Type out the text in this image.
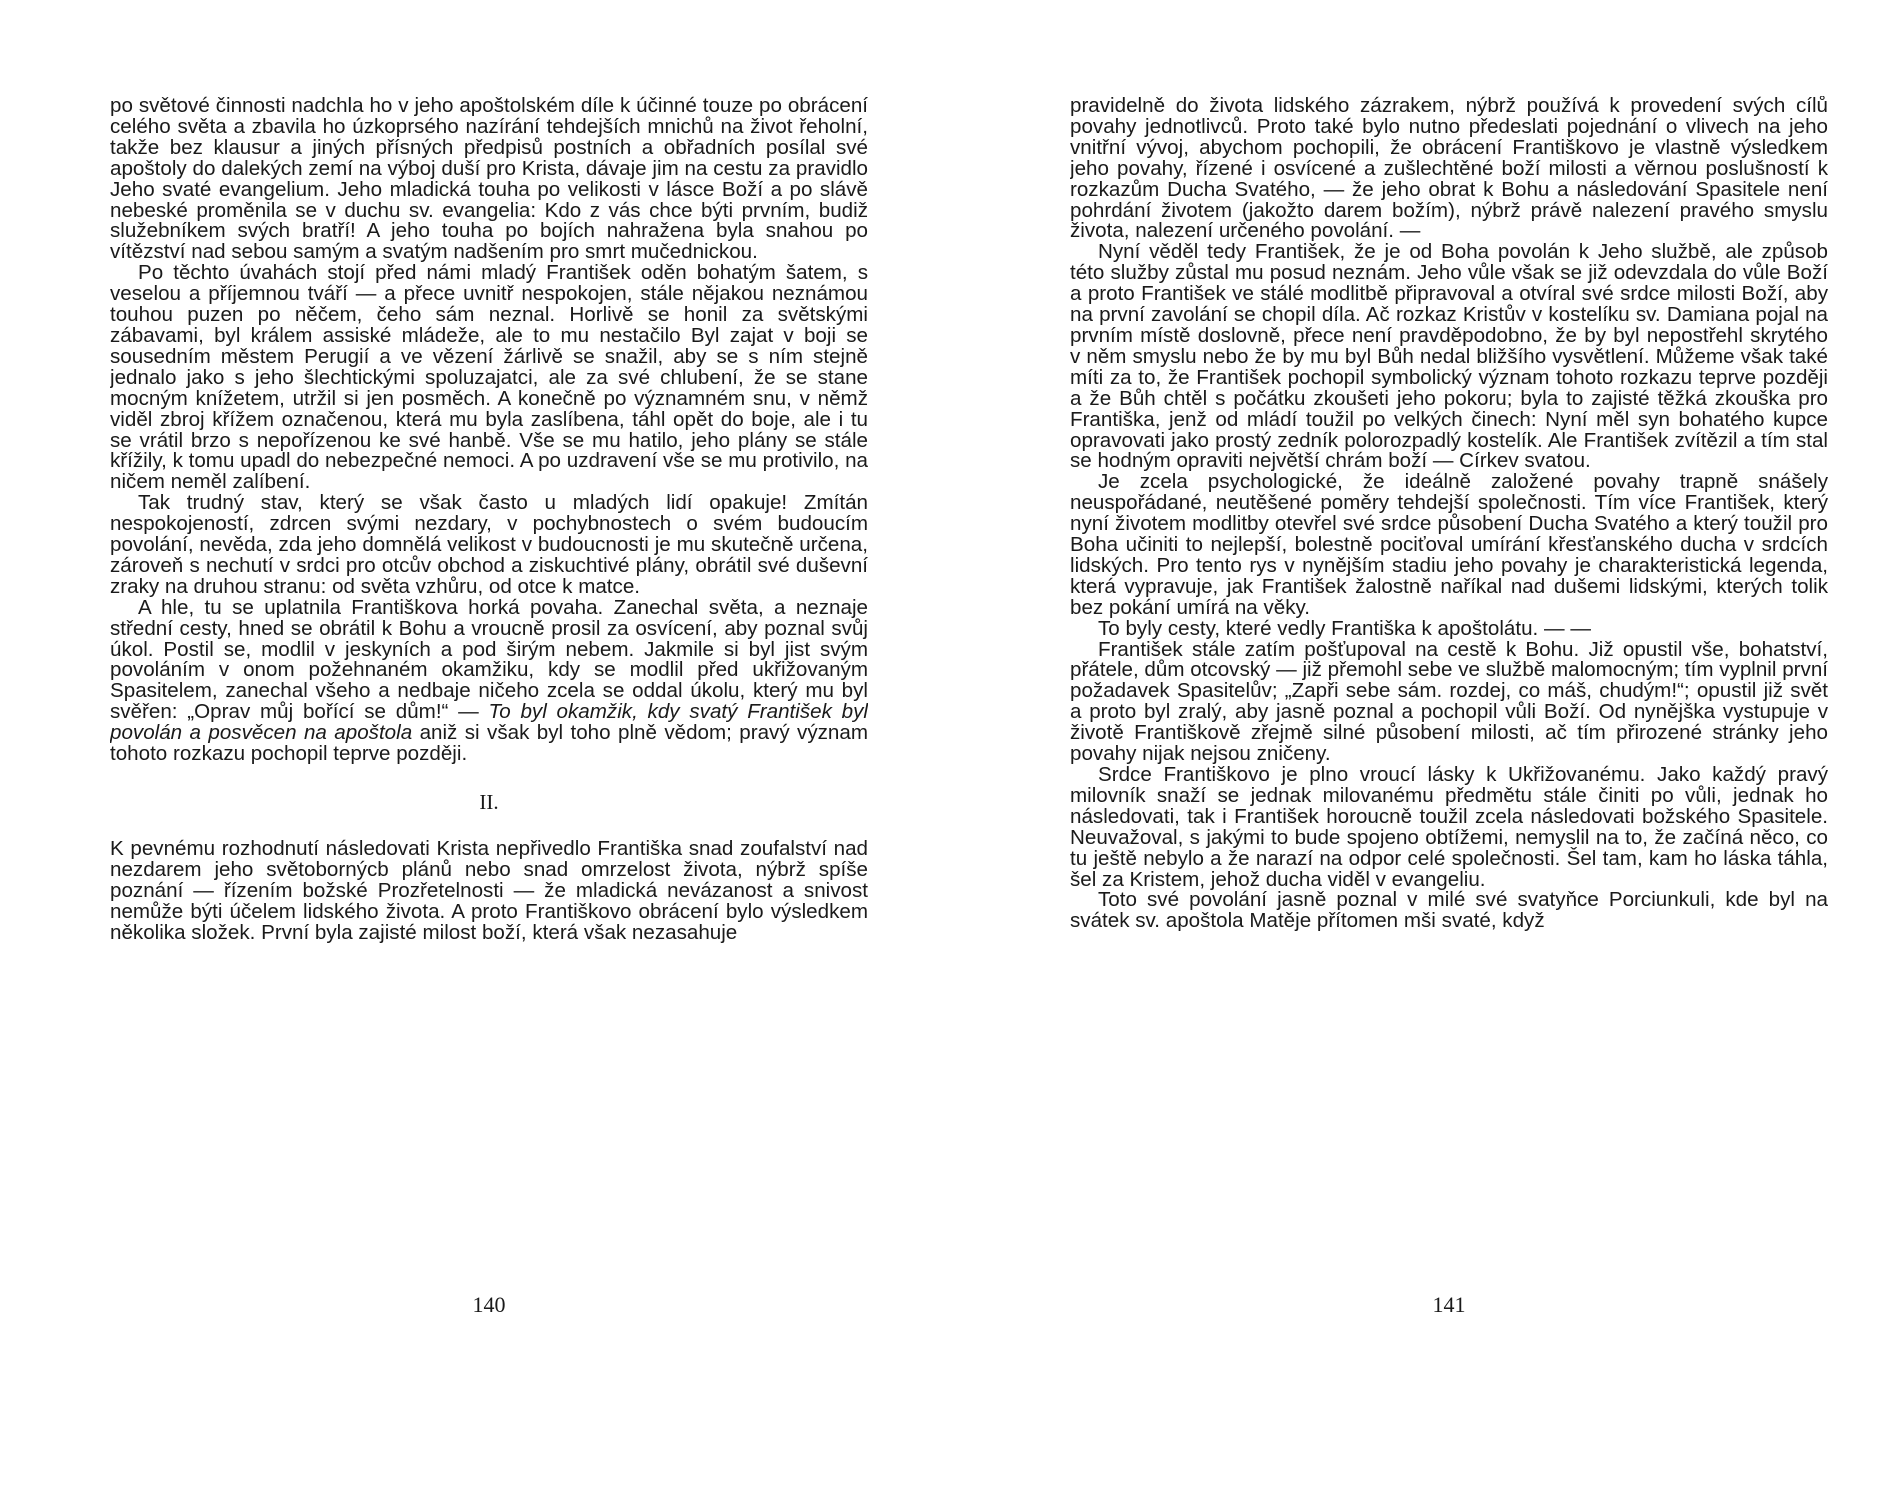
po světové činnosti nadchla ho v jeho apoštolském díle k účinné touze po obrácení celého světa a zbavila ho úzkoprsého nazírání tehdejších mnichů na život řeholní, takže bez klausur a jiných přísných předpisů postních a obřadních posílal své apoštoly do dalekých zemí na výboj duší pro Krista, dávaje jim na cestu za pravidlo Jeho svaté evangelium. Jeho mladická touha po velikosti v lásce Boží a po slávě nebeské proměnila se v duchu sv. evangelia: Kdo z vás chce býti prvním, budiž služebníkem svých bratří! A jeho touha po bojích nahražena byla snahou po vítězství nad sebou samým a svatým nadšením pro smrt mučednickou.

Po těchto úvahách stojí před námi mladý František oděn bohatým šatem, s veselou a příjemnou tváří — a přece uvnitř nespokojen, stále nějakou neznámou touhou puzen po něčem, čeho sám neznal. Horlivě se honil za světskými zábavami, byl králem assiské mládeže, ale to mu nestačilo Byl zajat v boji se sousedním městem Perugií a ve vězení žárlivě se snažil, aby se s ním stejně jednalo jako s jeho šlechtickými spoluzajatci, ale za své chlubení, že se stane mocným knížetem, utržil si jen posměch. A konečně po významném snu, v němž viděl zbroj křížem označenou, která mu byla zaslíbena, táhl opět do boje, ale i tu se vrátil brzo s nepořízenou ke své hanbě. Vše se mu hatilo, jeho plány se stále křížily, k tomu upadl do nebezpečné nemoci. A po uzdravení vše se mu protivilo, na ničem neměl zalíbení.

Tak trudný stav, který se však často u mladých lidí opakuje! Zmítán nespokojeností, zdrcen svými nezdary, v pochybnostech o svém budoucím povolání, nevěda, zda jeho domnělá velikost v budoucnosti je mu skutečně určena, zároveň s nechutí v srdci pro otcův obchod a ziskuchtivé plány, obrátil své duševní zraky na druhou stranu: od světa vzhůru, od otce k matce.

A hle, tu se uplatnila Františkova horká povaha. Zanechal světa, a neznaje střední cesty, hned se obrátil k Bohu a vroucně prosil za osvícení, aby poznal svůj úkol. Postil se, modlil v jeskyních a pod širým nebem. Jakmile si byl jist svým povoláním v onom požehnaném okamžiku, kdy se modlil před ukřižovaným Spasitelem, zanechal všeho a nedbaje ničeho zcela se oddal úkolu, který mu byl svěřen: „Oprav můj bořící se dům!“ — To byl okamžik, kdy svatý František byl povolán a posvěcen na apoštola aniž si však byl toho plně vědom; pravý význam tohoto rozkazu pochopil teprve později.

II.

K pevnému rozhodnutí následovati Krista nepřivedlo Františka snad zoufalství nad nezdarem jeho světobornýcb plánů nebo snad omrzelost života, nýbrž spíše poznání — řízením božské Prozřetelnosti — že mladická nevázanost a snivost nemůže býti účelem lidského života. A proto Františkovo obrácení bylo výsledkem několika složek. První byla zajisté milost boží, která však nezasahuje

140

pravidelně do života lidského zázrakem, nýbrž používá k provedení svých cílů povahy jednotlivců. Proto také bylo nutno předeslati pojednání o vlivech na jeho vnitřní vývoj, abychom pochopili, že obrácení Františkovo je vlastně výsledkem jeho povahy, řízené i osvícené a zušlechtěné boží milosti a věrnou poslušností k rozkazům Ducha Svatého, — že jeho obrat k Bohu a následování Spasitele není pohrdání životem (jakožto darem božím), nýbrž právě nalezení pravého smyslu života, nalezení určeného povolání. —

Nyní věděl tedy František, že je od Boha povolán k Jeho službě, ale způsob této služby zůstal mu posud neznám. Jeho vůle však se již odevzdala do vůle Boží a proto František ve stálé modlitbě připravoval a otvíral své srdce milosti Boží, aby na první zavolání se chopil díla. Ač rozkaz Kristův v kostelíku sv. Damiana pojal na prvním místě doslovně, přece není pravděpodobno, že by byl nepostřehl skrytého v něm smyslu nebo že by mu byl Bůh nedal bližšího vysvětlení. Můžeme však také míti za to, že František pochopil symbolický význam tohoto rozkazu teprve později a že Bůh chtěl s počátku zkoušeti jeho pokoru; byla to zajisté těžká zkouška pro Františka, jenž od mládí toužil po velkých činech: Nyní měl syn bohatého kupce opravovati jako prostý zedník polorozpadlý kostelík. Ale František zvítězil a tím stal se hodným opraviti největší chrám boží — Církev svatou.

Je zcela psychologické, že ideálně založené povahy trapně snášely neuspořádané, neutěšené poměry tehdejší společnosti. Tím více František, který nyní životem modlitby otevřel své srdce působení Ducha Svatého a který toužil pro Boha učiniti to nejlepší, bolestně pociťoval umírání křesťanského ducha v srdcích lidských. Pro tento rys v nynějším stadiu jeho povahy je charakteristická legenda, která vypravuje, jak František žalostně naříkal nad dušemi lidskými, kterých tolik bez pokání umírá na věky.

To byly cesty, které vedly Františka k apoštolátu. — —

František stále zatím pošťupoval na cestě k Bohu. Již opustil vše, bohatství, přátele, dům otcovský — již přemohl sebe ve službě malomocným; tím vyplnil první požadavek Spasitelův; „Zapři sebe sám. rozdej, co máš, chudým!“; opustil již svět a proto byl zralý, aby jasně poznal a pochopil vůli Boží. Od nynějška vystupuje v životě Františkově zřejmě silné působení milosti, ač tím přirozené stránky jeho povahy nijak nejsou zničeny.

Srdce Františkovo je plno vroucí lásky k Ukřižovanému. Jako každý pravý milovník snaží se jednak milovanému předmětu stále činiti po vůli, jednak ho následovati, tak i František horoucně toužil zcela následovati božského Spasitele. Neuvažoval, s jakými to bude spojeno obtížemi, nemyslil na to, že začíná něco, co tu ještě nebylo a že narazí na odpor celé společnosti. Šel tam, kam ho láska táhla, šel za Kristem, jehož ducha viděl v evangeliu.

Toto své povolání jasně poznal v milé své svatyňce Porciunkuli, kde byl na svátek sv. apoštola Matěje přítomen mši svaté, když

141
